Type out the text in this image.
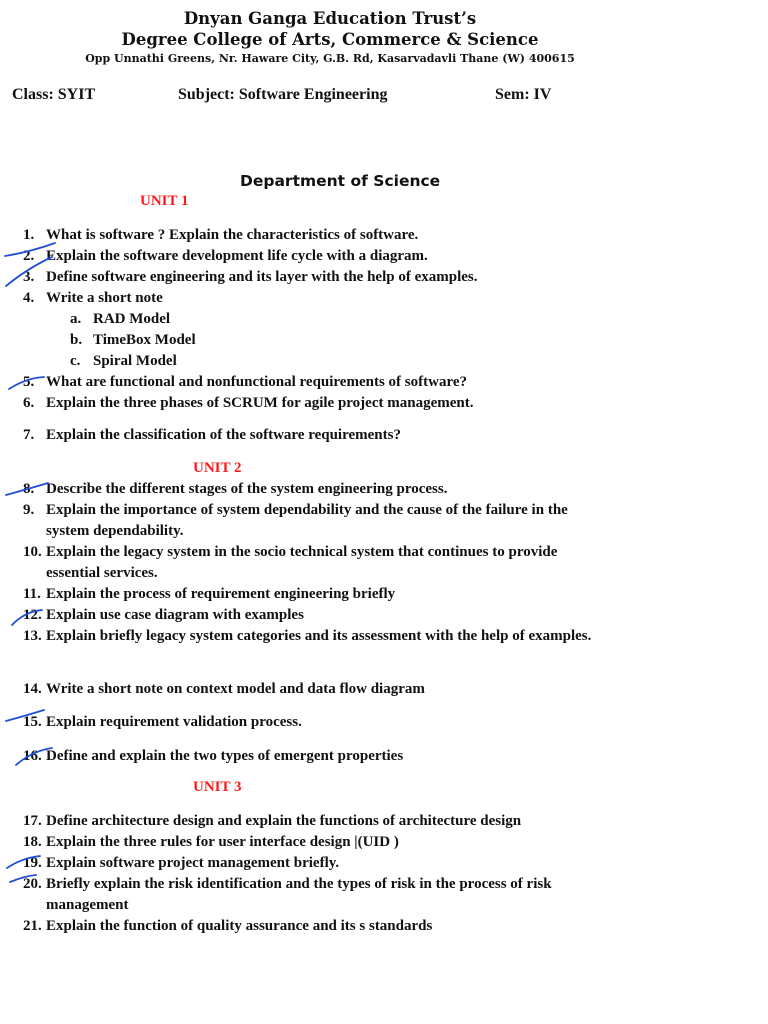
Dnyan Ganga Education Trust’s
Degree College of Arts, Commerce & Science
Opp Unnathi Greens, Nr. Haware City, G.B. Rd, Kasarvadavli Thane (W) 400615
Class: SYIT	Subject: Software Engineering	Sem: IV
Department of Science
UNIT 1
1. What is software ? Explain the characteristics of software.
2. Explain the software development life cycle with a diagram.
3. Define software engineering and its layer with the help of examples.
4. Write a short note
a. RAD Model
b. TimeBox Model
c. Spiral Model
5. What are functional and nonfunctional requirements of software?
6. Explain the three phases of SCRUM for agile project management.
7. Explain the classification of the software requirements?
UNIT 2
8. Describe the different stages of the system engineering process.
9. Explain the importance of system dependability and the cause of the failure in the
system dependability.
10. Explain the legacy system in the socio technical system that continues to provide
essential services.
11. Explain the process of requirement engineering briefly
12. Explain use case diagram with examples
13. Explain briefly legacy system categories and its assessment with the help of examples.
14. Write a short note on context model and data flow diagram
15. Explain requirement validation process.
16. Define and explain the two types of emergent properties
UNIT 3
17. Define architecture design and explain the functions of architecture design
18. Explain the three rules for user interface design |(UID )
19. Explain software project management briefly.
20. Briefly explain the risk identification and the types of risk in the process of risk
management
21. Explain the function of quality assurance and its s standards
